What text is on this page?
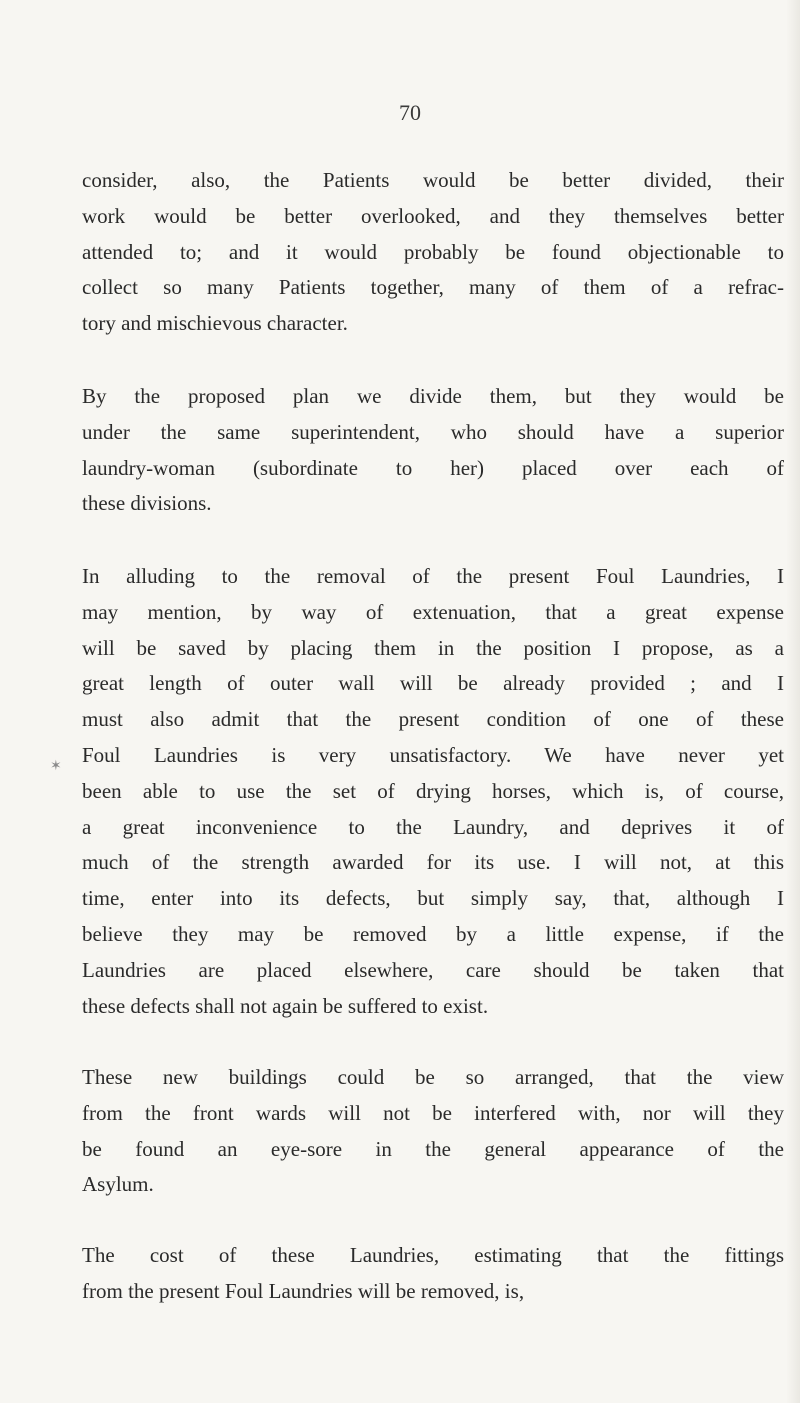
70
✶

consider, also, the Patients would be better divided, their
work would be better overlooked, and they themselves better
attended to; and it would probably be found objectionable to
collect so many Patients together, many of them of a refrac-
tory and mischievous character.

By the proposed plan we divide them, but they would be
under the same superintendent, who should have a superior
laundry-woman (subordinate to her) placed over each of
these divisions.

In alluding to the removal of the present Foul Laundries, I
may mention, by way of extenuation, that a great expense
will be saved by placing them in the position I propose, as a
great length of outer wall will be already provided ; and I
must also admit that the present condition of one of these
Foul Laundries is very unsatisfactory. We have never yet
been able to use the set of drying horses, which is, of course,
a great inconvenience to the Laundry, and deprives it of
much of the strength awarded for its use. I will not, at this
time, enter into its defects, but simply say, that, although I
believe they may be removed by a little expense, if the
Laundries are placed elsewhere, care should be taken that
these defects shall not again be suffered to exist.

These new buildings could be so arranged, that the view
from the front wards will not be interfered with, nor will they
be found an eye-sore in the general appearance of the
Asylum.

The cost of these Laundries, estimating that the fittings
from the present Foul Laundries will be removed, is,
